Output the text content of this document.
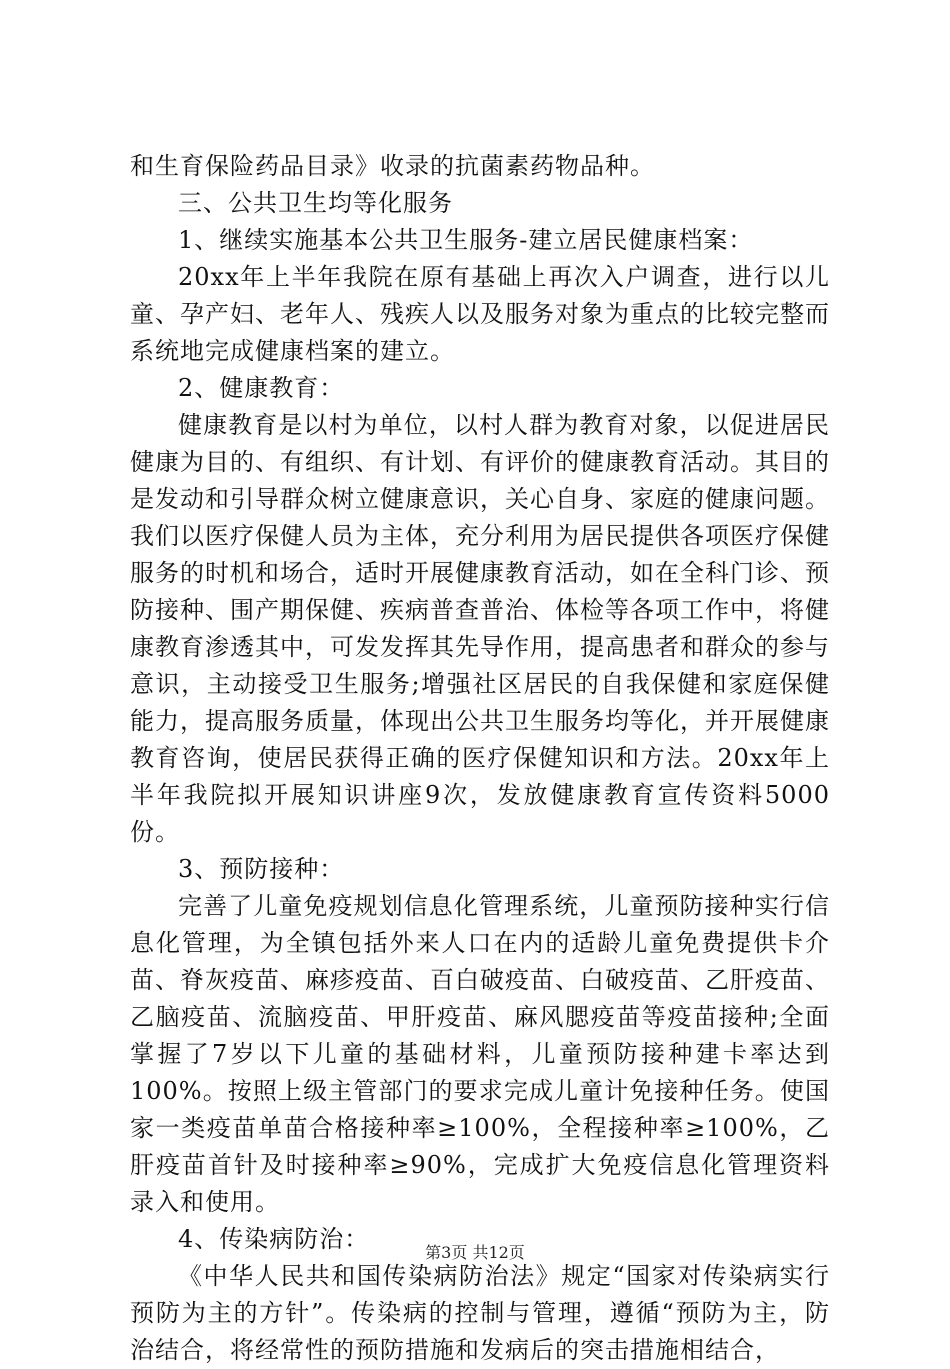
和生育保险药品目录》收录的抗菌素药物品种。

三、公共卫生均等化服务

1、继续实施基本公共卫生服务-建立居民健康档案：

20xx年上半年我院在原有基础上再次入户调查，进行以儿童、孕产妇、老年人、残疾人以及服务对象为重点的比较完整而系统地完成健康档案的建立。

2、健康教育：

健康教育是以村为单位，以村人群为教育对象，以促进居民健康为目的、有组织、有计划、有评价的健康教育活动。其目的是发动和引导群众树立健康意识，关心自身、家庭的健康问题。我们以医疗保健人员为主体，充分利用为居民提供各项医疗保健服务的时机和场合，适时开展健康教育活动，如在全科门诊、预防接种、围产期保健、疾病普查普治、体检等各项工作中，将健康教育渗透其中，可发发挥其先导作用，提高患者和群众的参与意识，主动接受卫生服务;增强社区居民的自我保健和家庭保健能力，提高服务质量，体现出公共卫生服务均等化，并开展健康教育咨询，使居民获得正确的医疗保健知识和方法。20xx年上半年我院拟开展知识讲座9次，发放健康教育宣传资料5000份。

3、预防接种：

完善了儿童免疫规划信息化管理系统，儿童预防接种实行信息化管理，为全镇包括外来人口在内的适龄儿童免费提供卡介苗、脊灰疫苗、麻疹疫苗、百白破疫苗、白破疫苗、乙肝疫苗、乙脑疫苗、流脑疫苗、甲肝疫苗、麻风腮疫苗等疫苗接种;全面掌握了7岁以下儿童的基础材料，儿童预防接种建卡率达到100%。按照上级主管部门的要求完成儿童计免接种任务。使国家一类疫苗单苗合格接种率≥100%，全程接种率≥100%，乙肝疫苗首针及时接种率≥90%，完成扩大免疫信息化管理资料录入和使用。

4、传染病防治：

《中华人民共和国传染病防治法》规定“国家对传染病实行预防为主的方针”。传染病的控制与管理，遵循“预防为主，防治结合，将经常性的预防措施和发病后的突击措施相结合，

第3页 共12页
